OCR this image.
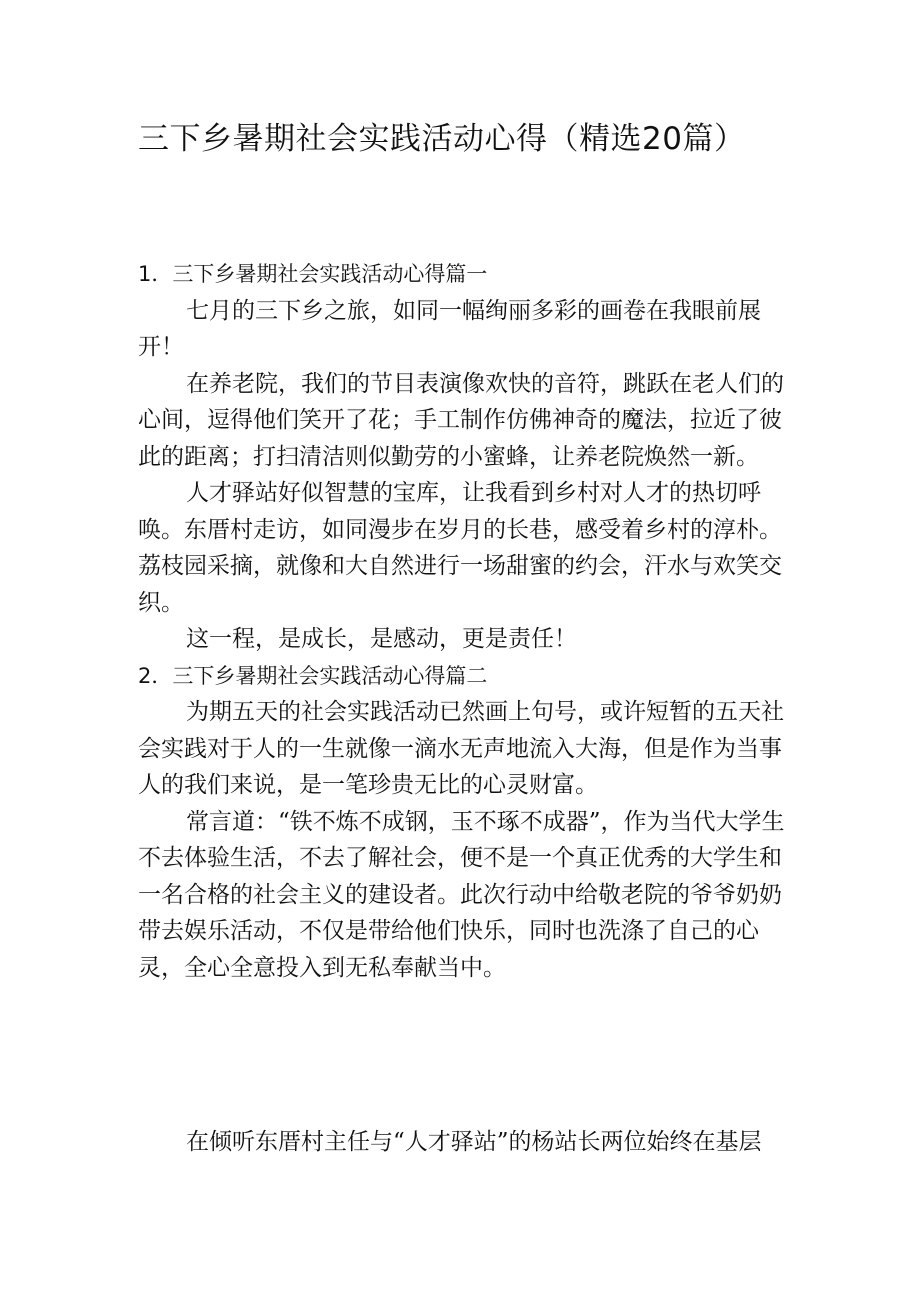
三下乡暑期社会实践活动心得（精选20篇）
1．三下乡暑期社会实践活动心得篇一

七月的三下乡之旅，如同一幅绚丽多彩的画卷在我眼前展开！

在养老院，我们的节目表演像欢快的音符，跳跃在老人们的心间，逗得他们笑开了花；手工制作仿佛神奇的魔法，拉近了彼此的距离；打扫清洁则似勤劳的小蜜蜂，让养老院焕然一新。

人才驿站好似智慧的宝库，让我看到乡村对人才的热切呼唤。东厝村走访，如同漫步在岁月的长巷，感受着乡村的淳朴。荔枝园采摘，就像和大自然进行一场甜蜜的约会，汗水与欢笑交织。

这一程，是成长，是感动，更是责任！

2．三下乡暑期社会实践活动心得篇二

为期五天的社会实践活动已然画上句号，或许短暂的五天社会实践对于人的一生就像一滴水无声地流入大海，但是作为当事人的我们来说，是一笔珍贵无比的心灵财富。

常言道：“铁不炼不成钢，玉不琢不成器”，作为当代大学生不去体验生活，不去了解社会，便不是一个真正优秀的大学生和一名合格的社会主义的建设者。此次行动中给敬老院的爷爷奶奶带去娱乐活动，不仅是带给他们快乐，同时也洗涤了自己的心灵，全心全意投入到无私奉献当中。

在倾听东厝村主任与“人才驿站”的杨站长两位始终在基层
